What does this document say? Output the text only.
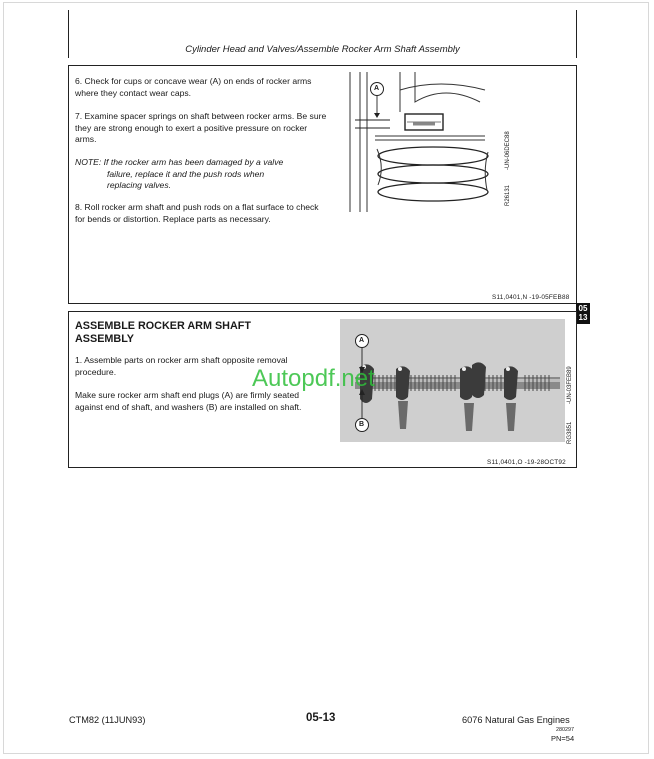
Cylinder Head and Valves/Assemble Rocker Arm Shaft Assembly
6. Check for cups or concave wear (A) on ends of rocker arms where they contact wear caps.
7. Examine spacer springs on shaft between rocker arms. Be sure they are strong enough to exert a positive pressure on rocker arms.
NOTE: If the rocker arm has been damaged by a valve
failure, replace it and the push rods when
replacing valves.
8. Roll rocker arm shaft and push rods on a flat surface to check for bends or distortion. Replace parts as necessary.
A
R26131
-UN-06DEC88
S11,0401,N -19-05FEB88
05
13
ASSEMBLE ROCKER ARM SHAFT ASSEMBLY
1. Assemble parts on rocker arm shaft opposite removal procedure.
Make sure rocker arm shaft end plugs (A) are firmly seated against end of shaft, and washers (B) are installed on shaft.
A
B	RG3851
-UN-03FEB89
S11,0401,O -19-28OCT92
Autopdf.net
CTM82 (11JUN93)	05-13	6076 Natural Gas Engines
280297
PN=54
